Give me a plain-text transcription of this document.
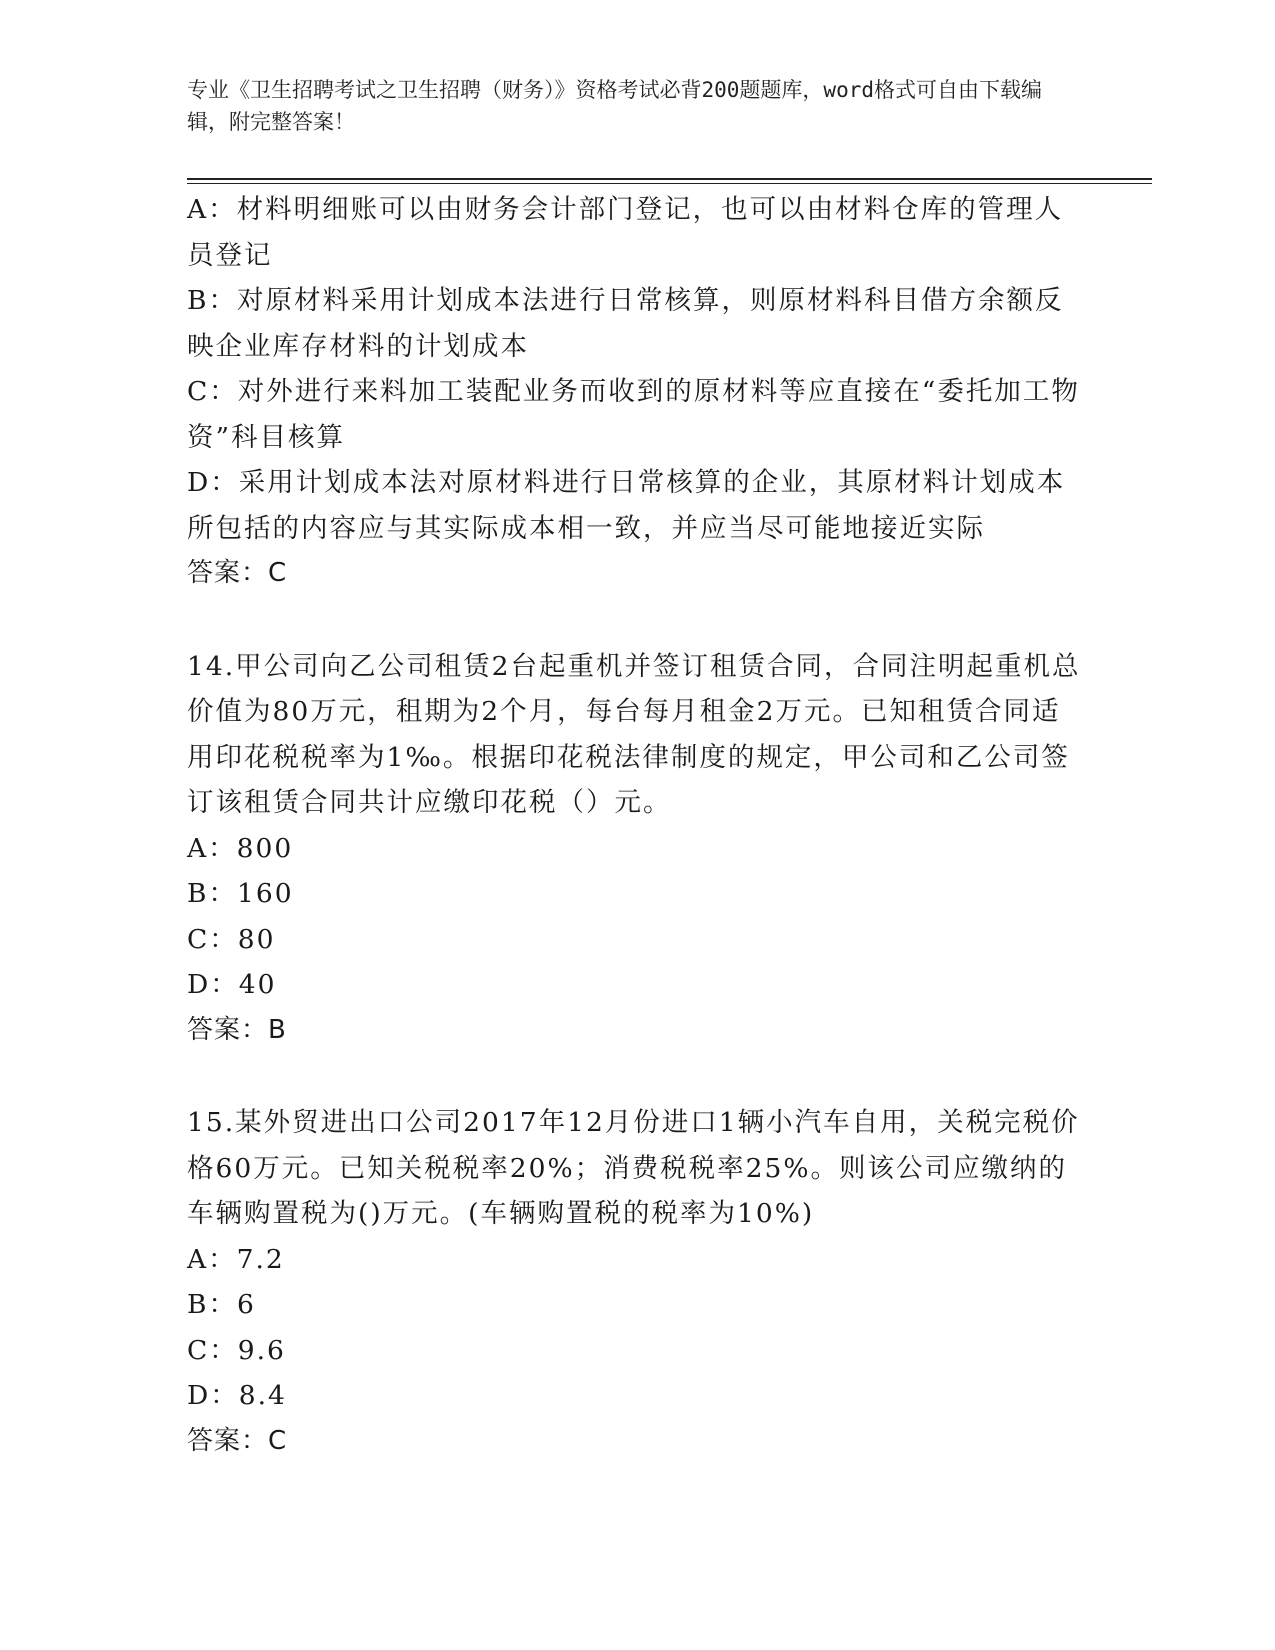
专业《卫生招聘考试之卫生招聘（财务）》资格考试必背200题题库，word格式可自由下载编辑，附完整答案！

A：材料明细账可以由财务会计部门登记，也可以由材料仓库的管理人员登记

B：对原材料采用计划成本法进行日常核算，则原材料科目借方余额反映企业库存材料的计划成本

C：对外进行来料加工装配业务而收到的原材料等应直接在“委托加工物资”科目核算

D：采用计划成本法对原材料进行日常核算的企业，其原材料计划成本所包括的内容应与其实际成本相一致，并应当尽可能地接近实际

答案：C

14.甲公司向乙公司租赁2台起重机并签订租赁合同，合同注明起重机总价值为80万元，租期为2个月，每台每月租金2万元。已知租赁合同适用印花税税率为1‰。根据印花税法律制度的规定，甲公司和乙公司签订该租赁合同共计应缴印花税（）元。

A：800

B：160

C：80

D：40

答案：B

15.某外贸进出口公司2017年12月份进口1辆小汽车自用，关税完税价格60万元。已知关税税率20%；消费税税率25%。则该公司应缴纳的车辆购置税为()万元。(车辆购置税的税率为10%)

A：7.2

B：6

C：9.6

D：8.4

答案：C
